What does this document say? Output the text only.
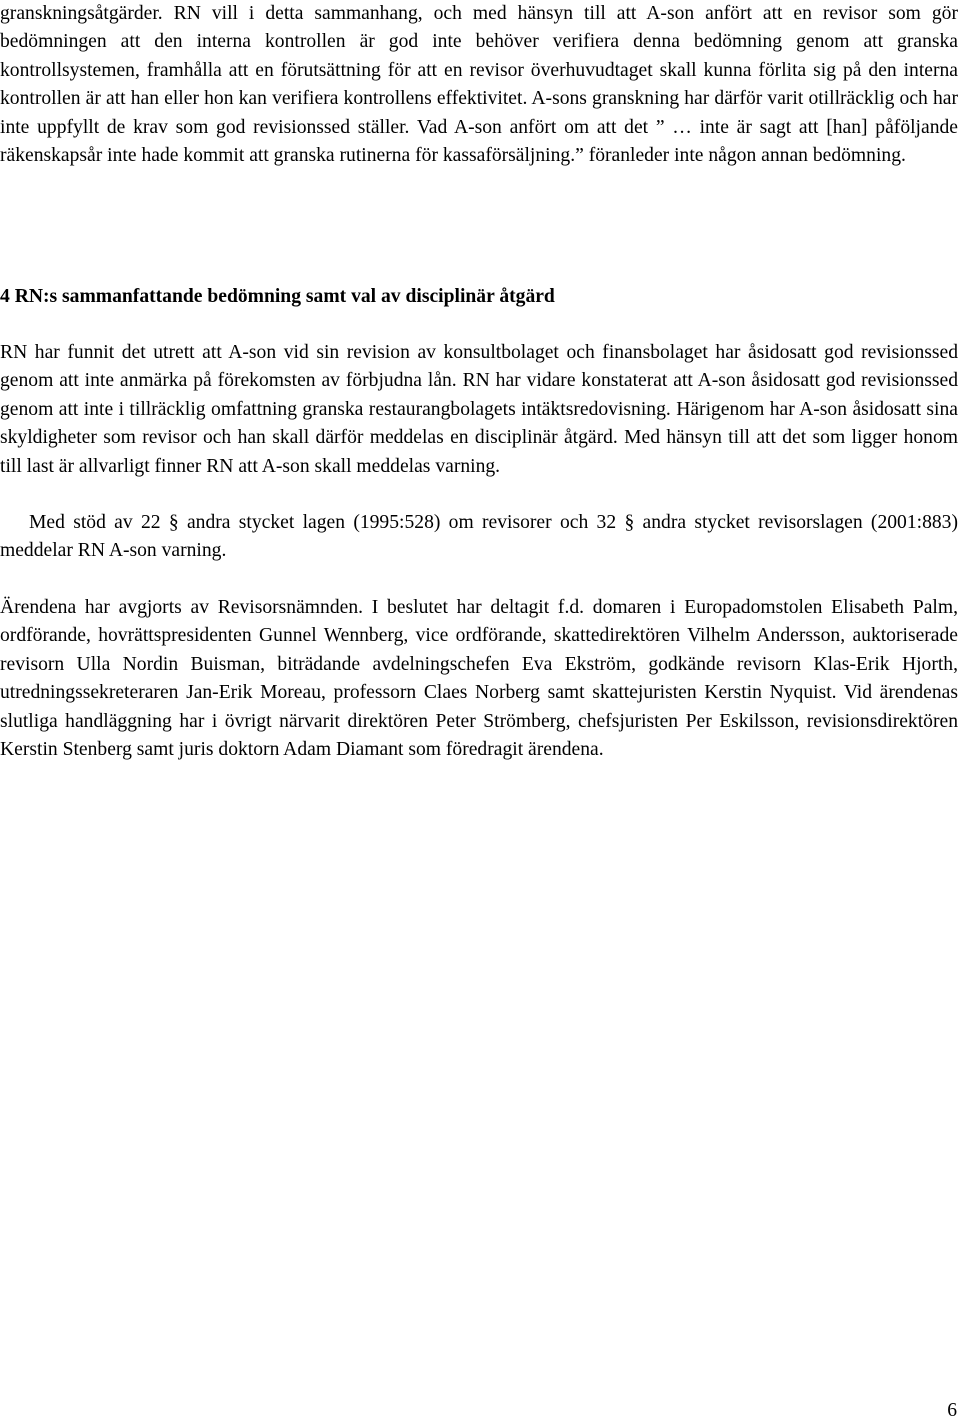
granskningsåtgärder. RN vill i detta sammanhang, och med hänsyn till att A-son anfört att en revisor som gör bedömningen att den interna kontrollen är god inte behöver verifiera denna bedömning genom att granska kontrollsystemen, framhålla att en förutsättning för att en revisor överhuvudtaget skall kunna förlita sig på den interna kontrollen är att han eller hon kan verifiera kontrollens effektivitet. A-sons granskning har därför varit otillräcklig och har inte uppfyllt de krav som god revisionssed ställer. Vad A-son anfört om att det ” … inte är sagt att [han] påföljande räkenskapsår inte hade kommit att granska rutinerna för kassaförsäljning.” föranleder inte någon annan bedömning.

4 RN:s sammanfattande bedömning samt val av disciplinär åtgärd

RN har funnit det utrett att A-son vid sin revision av konsultbolaget och finansbolaget har åsidosatt god revisionssed genom att inte anmärka på förekomsten av förbjudna lån. RN har vidare konstaterat att A-son åsidosatt god revisionssed genom att inte i tillräcklig omfattning granska restaurangbolagets intäktsredovisning. Härigenom har A-son åsidosatt sina skyldigheter som revisor och han skall därför meddelas en disciplinär åtgärd. Med hänsyn till att det som ligger honom till last är allvarligt finner RN att A-son skall meddelas varning.

Med stöd av 22 § andra stycket lagen (1995:528) om revisorer och 32 § andra stycket revisorslagen (2001:883) meddelar RN A-son varning.

Ärendena har avgjorts av Revisorsnämnden. I beslutet har deltagit f.d. domaren i Europadomstolen Elisabeth Palm, ordförande, hovrättspresidenten Gunnel Wennberg, vice ordförande, skattedirektören Vilhelm Andersson, auktoriserade revisorn Ulla Nordin Buisman, biträdande avdelningschefen Eva Ekström, godkände revisorn Klas-Erik Hjorth, utredningssekreteraren Jan-Erik Moreau, professorn Claes Norberg samt skattejuristen Kerstin Nyquist. Vid ärendenas slutliga handläggning har i övrigt närvarit direktören Peter Strömberg, chefsjuristen Per Eskilsson, revisionsdirektören Kerstin Stenberg samt juris doktorn Adam Diamant som föredragit ärendena.

6
